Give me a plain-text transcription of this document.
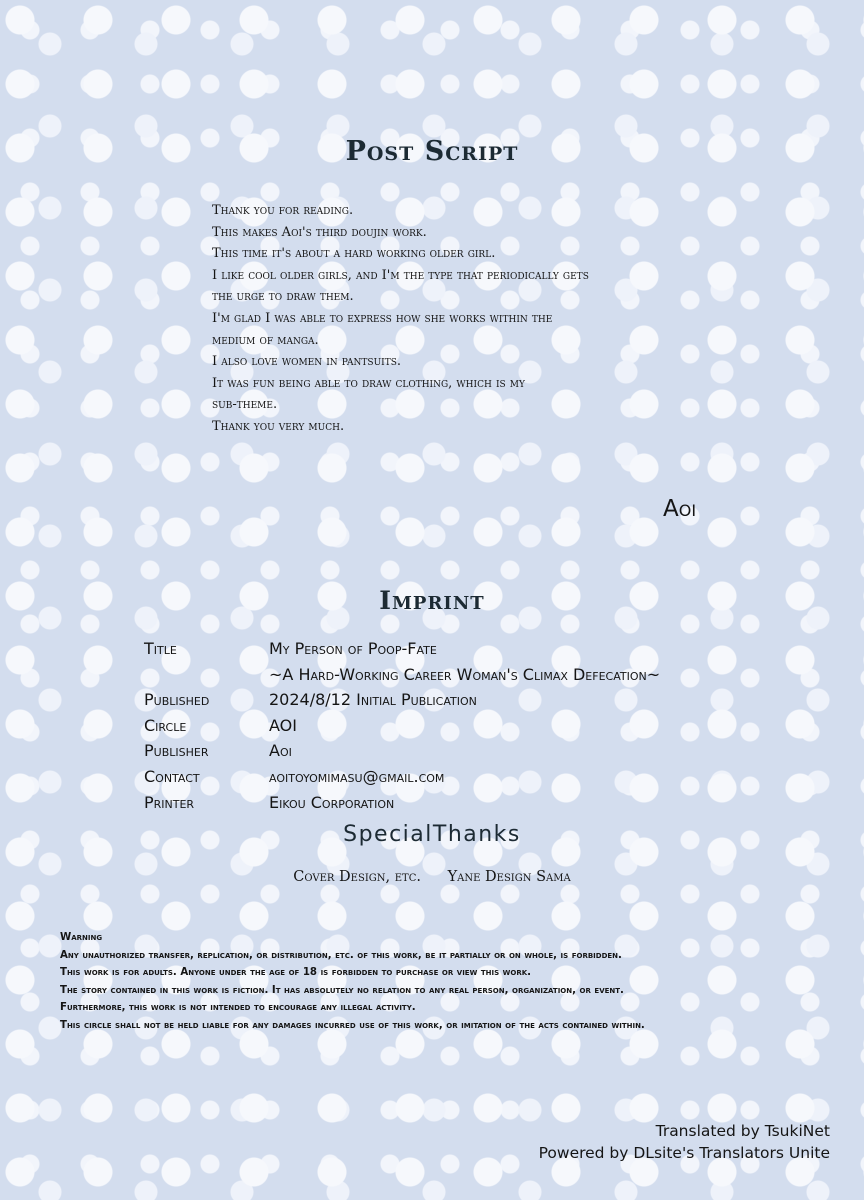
Post Script
Thank you for reading.
This makes Aoi's third doujin work.
This time it's about a hard working older girl.
I like cool older girls, and I'm the type that periodically gets
the urge to draw them.
I'm glad I was able to express how she works within the
medium of manga.
I also love women in pantsuits.
It was fun being able to draw clothing, which is my
sub-theme.
Thank you very much.
Aoi
Imprint
Title	My Person of Poop-Fate
~A Hard-Working Career Woman's Climax Defecation~
Published	2024/8/12 Initial Publication
Circle	AOI
Publisher	Aoi
Contact	aoitoyomimasu@gmail.com
Printer	Eikou Corporation
SpecialThanks
Cover Design, etc. Yane Design Sama
Warning
Any unauthorized transfer, replication, or distribution, etc. of this work, be it partially or on whole, is forbidden.
This work is for adults. Anyone under the age of 18 is forbidden to purchase or view this work.
The story contained in this work is fiction. It has absolutely no relation to any real person, organization, or event.
Furthermore, this work is not intended to encourage any illegal activity.
This circle shall not be held liable for any damages incurred use of this work, or imitation of the acts contained within.
Translated by TsukiNet
Powered by DLsite's Translators Unite
